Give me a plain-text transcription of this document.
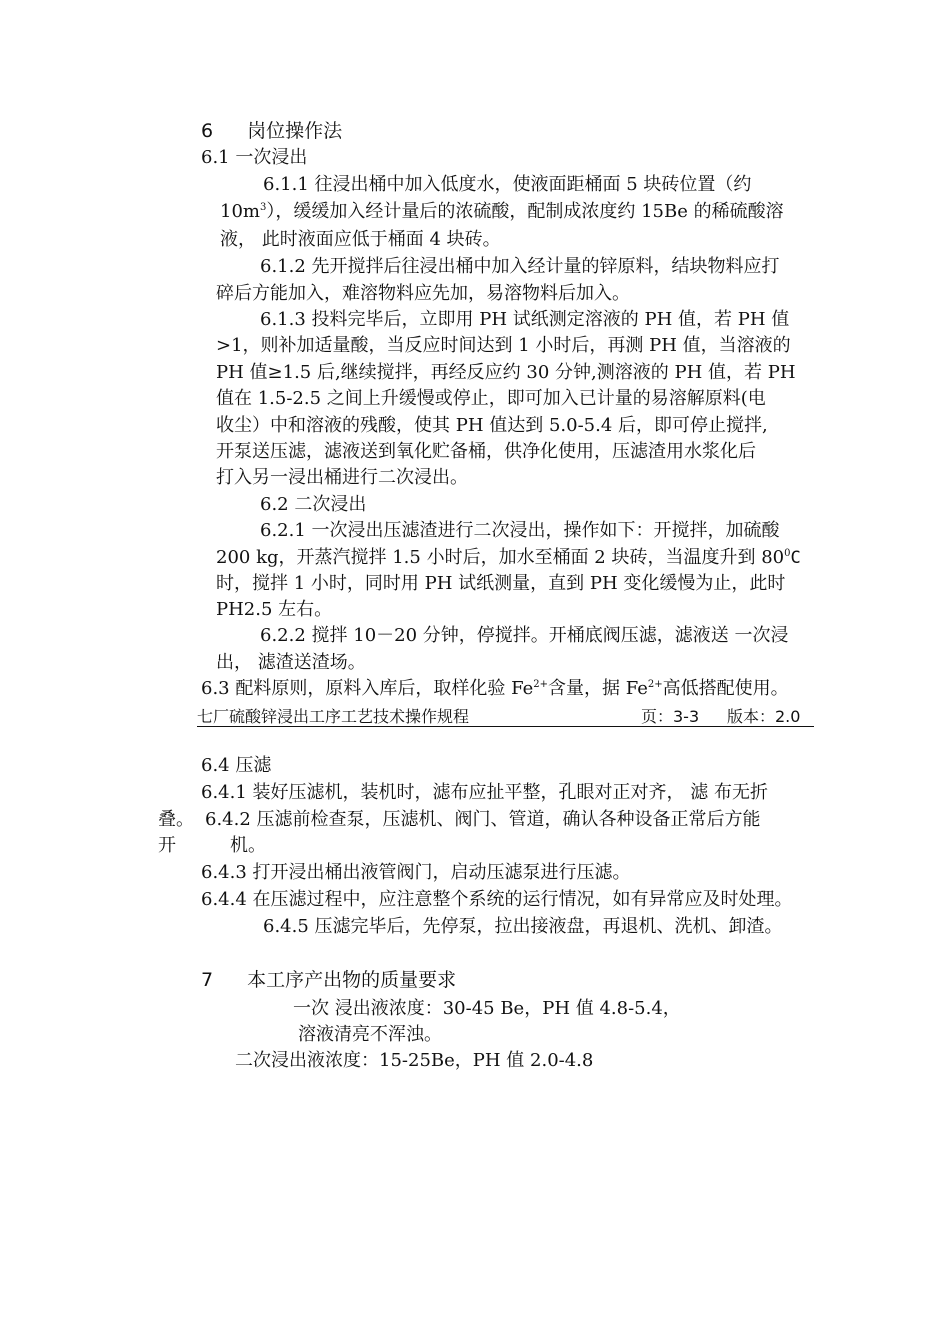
6 岗位操作法
6.1 一次浸出
6.1.1 往浸出桶中加入低度水，使液面距桶面 5 块砖位置（约
$10m^3$），缓缓加入经计量后的浓硫酸，配制成浓度约 15Be 的稀硫酸溶
液， 此时液面应低于桶面 4 块砖。
6.1.2 先开搅拌后往浸出桶中加入经计量的锌原料，结块物料应打
碎后方能加入，难溶物料应先加，易溶物料后加入。
6.1.3 投料完毕后，立即用 PH 试纸测定溶液的 PH 值，若 PH 值
>1，则补加适量酸，当反应时间达到 1 小时后，再测 PH 值，当溶液的
PH 值≥1.5 后,继续搅拌，再经反应约 30 分钟,测溶液的 PH 值，若 PH
值在 1.5-2.5 之间上升缓慢或停止，即可加入已计量的易溶解原料(电
收尘）中和溶液的残酸，使其 PH 值达到 5.0-5.4 后，即可停止搅拌,
开泵送压滤，滤液送到氧化贮备桶，供净化使用，压滤渣用水浆化后
打入另一浸出桶进行二次浸出。
6.2 二次浸出
6.2.1 一次浸出压滤渣进行二次浸出，操作如下：开搅拌，加硫酸
200 kg，开蒸汽搅拌 1.5 小时后，加水至桶面 2 块砖，当温度升到 $80^0C$
时，搅拌 1 小时，同时用 PH 试纸测量，直到 PH 变化缓慢为止，此时
PH2.5 左右。
6.2.2 搅拌 10－20 分钟，停搅拌。开桶底阀压滤，滤液送 一次浸
出， 滤渣送渣场。
6.3 配料原则，原料入库后，取样化验 $Fe^{2+}$含量，据 $Fe^{2+}$高低搭配使用。
七厂硫酸锌浸出工序工艺技术操作规程	页：3-3 版本：2.0
6.4 压滤
6.4.1 装好压滤机，装机时，滤布应扯平整，孔眼对正对齐， 滤 布无折
叠。 6.4.2 压滤前检查泵，压滤机、阀门、管道，确认各种设备正常后方能
开	机。
6.4.3 打开浸出桶出液管阀门，启动压滤泵进行压滤。
6.4.4 在压滤过程中，应注意整个系统的运行情况，如有异常应及时处理。
6.4.5 压滤完毕后，先停泵，拉出接液盘，再退机、洗机、卸渣。
7 本工序产出物的质量要求
一次 浸出液浓度：30-45 Be，PH 值 4.8-5.4，
溶液清亮不浑浊。
二次浸出液浓度：15-25Be，PH 值 2.0-4.8
